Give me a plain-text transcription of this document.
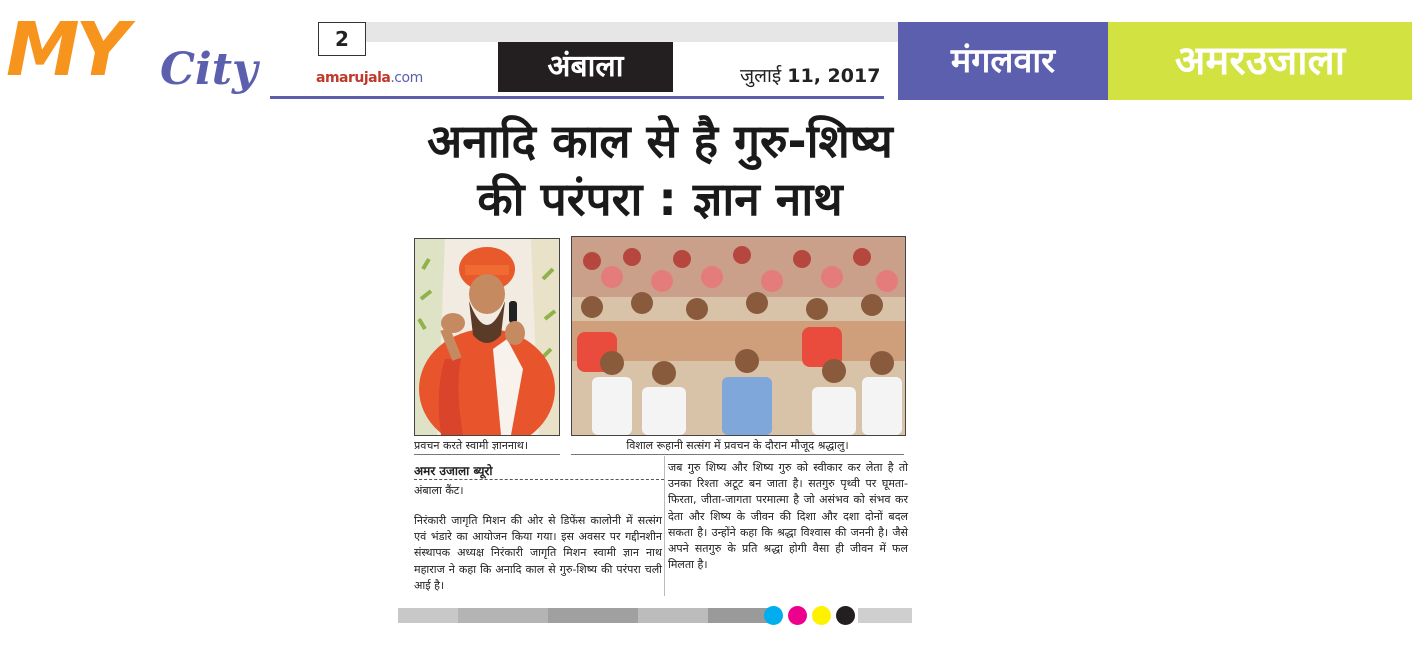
MY City
2
amarujala.com	अंबाला	जुलाई 11, 2017	मंगलवार	अमरउजाला
अनादि काल से है गुरु-शिष्य
की परंपरा : ज्ञान नाथ
प्रवचन करते स्वामी ज्ञाननाथ।	विशाल रूहानी सत्संग में प्रवचन के दौरान मौजूद श्रद्धालु।
अमर उजाला ब्यूरो
अंबाला कैंट।
निरंकारी जागृति मिशन की ओर से डिफेंस कालोनी में सत्संग एवं भंडारे का आयोजन किया गया। इस अवसर पर गद्दीनशीन संस्थापक अध्यक्ष निरंकारी जागृति मिशन स्वामी ज्ञान नाथ महाराज ने कहा कि अनादि काल से गुरु-शिष्य की परंपरा चली आई है।
जब गुरु शिष्य और शिष्य गुरु को स्वीकार कर लेता है तो उनका रिश्ता अटूट बन जाता है। सतगुरु पृथ्वी पर घूमता-फिरता, जीता-जागता परमात्मा है जो असंभव को संभव कर देता और शिष्य के जीवन की दिशा और दशा दोनों बदल सकता है। उन्होंने कहा कि श्रद्धा विश्वास की जननी है। जैसे अपने सतगुरु के प्रति श्रद्धा होगी वैसा ही जीवन में फल मिलता है।
